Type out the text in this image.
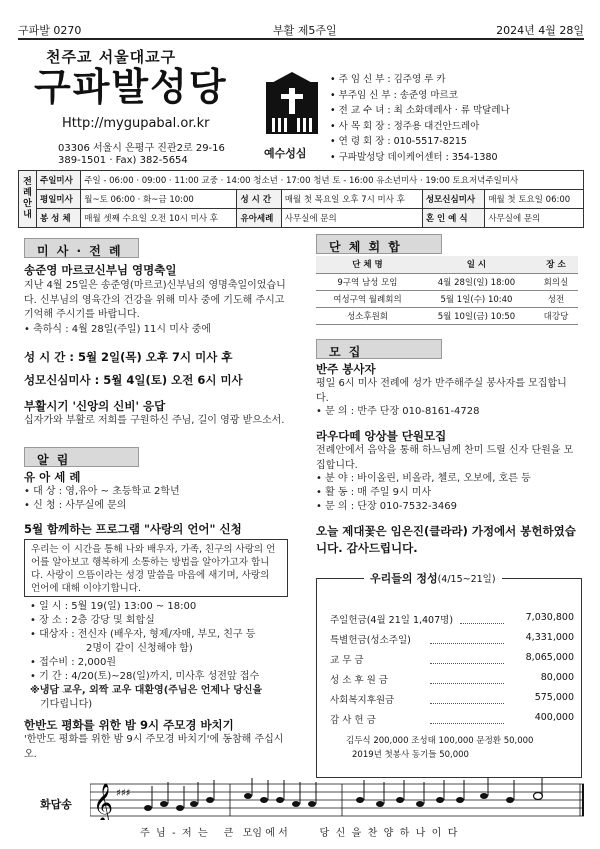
구파발 0270	부활 제5주일	2024년 4월 28일
천주교 서울대교구
구파발성당
Http://mygupabal.or.kr
03306 서울시 은평구 진관2로 29-16
389-1501 · Fax) 382-5654
예수성심
• 주 임 신 부 : 김주영 루 카
• 부주임 신 부 : 송준영 마르코
• 전 교 수 녀 : 최 소화데레사 · 류 막달레나
• 사 목 회 장 : 정주용 대건안드레아
• 연 령 회 장 : 010-5517-8215
• 구파발성당 데이케어센터 : 354-1380
전례안내	주일미사	주일 - 06:00 · 09:00 · 11:00 교중 · 14:00 청소년 · 17:00 청년 토 - 16:00 유소년미사 · 19:00 토요저녁주일미사				
	평일미사	월~토 06:00 · 화~금 10:00	성 시 간	매월 첫 목요일 오후 7시 미사 후	성모신심미사	매월 첫 토요일 06:00
	봉 성 체	매월 셋째 수요일 오전 10시 미사 후	유아세례	사무실에 문의	혼 인 예 식	사무실에 문의
미 사 · 전 례
송준영 마르코신부님 영명축일
지난 4월 25일은 송준영(마르코)신부님의 영명축일이었습니다. 신부님의 영육간의 건강을 위해 미사 중에 기도해 주시고 기억해 주시기를 바랍니다.
• 축하식 : 4월 28일(주일) 11시 미사 중에
성 시 간 : 5월 2일(목) 오후 7시 미사 후
성모신심미사 : 5월 4일(토) 오전 6시 미사
부활시기 '신앙의 신비' 응답
십자가와 부활로 저희를 구원하신 주님, 길이 영광 받으소서.
알 림
유 아 세 례
• 대 상 : 영,유아 ~ 초등학교 2학년
• 신 청 : 사무실에 문의
5월 함께하는 프로그램 "사랑의 언어" 신청
우리는 이 시간을 통해 나와 배우자, 가족, 친구의 사랑의 언어를 알아보고 행복하게 소통하는 방법을 알아가고자 합니다. 사랑이 으뜸이라는 성경 말씀을 마음에 새기며, 사랑의 언어에 대해 이야기합니다.
• 일 시 : 5월 19(일) 13:00 ~ 18:00
• 장 소 : 2층 강당 및 회합실
• 대상자 : 전신자 (배우자, 형제/자매, 부모, 친구 등
2명이 같이 신청해야 함)
• 접수비 : 2,000원
• 기 간 : 4/20(토)~28(일)까지, 미사후 성전앞 접수
※냉담 교우, 외짝 교우 대환영(주님은 언제나 당신을
기다립니다)
한반도 평화를 위한 밤 9시 주모경 바치기
'한반도 평화를 위한 밤 9시 주모경 바치기'에 동참해 주십시오.
단 체 회 합
단 체 명	일 시	장 소
9구역 남성 모임	4월 28일(일) 18:00	회의실
여성구역 월례회의	5월 1일(수) 10:40	성전
성소후원회	5월 10일(금) 10:50	대강당
모 집
반주 봉사자
평일 6시 미사 전례에 성가 반주해주실 봉사자를 모집합니다.
• 문 의 : 반주 단장 010-8161-4728
라우다떼 앙상블 단원모집
전례안에서 음악을 통해 하느님께 찬미 드릴 신자 단원을 모집합니다.
• 분 야 : 바이올린, 비올라, 첼로, 오보에, 호른 등
• 활 동 : 매 주일 9시 미사
• 문 의 : 단장 010-7532-3469
오늘 제대꽃은 임은진(클라라) 가정에서 봉헌하였습니다. 감사드립니다.
우리들의 정성(4/15~21일)
주일헌금(4월 21일 1,407명)	7,030,800
특별헌금(성소주일)	4,331,000
교 무 금	8,065,000
성 소 후 원 금	80,000
사회복지후원금	575,000
감 사 헌 금	400,000
김두식 200,000 조성태 100,000 문정환 50,000
2019년 첫봉사 동기들 50,000
화답송 𝄞 ♯♯♯
주  님  -  저  는     큰   모임 에 서          당  신  을  찬  양  하  나  이  다
